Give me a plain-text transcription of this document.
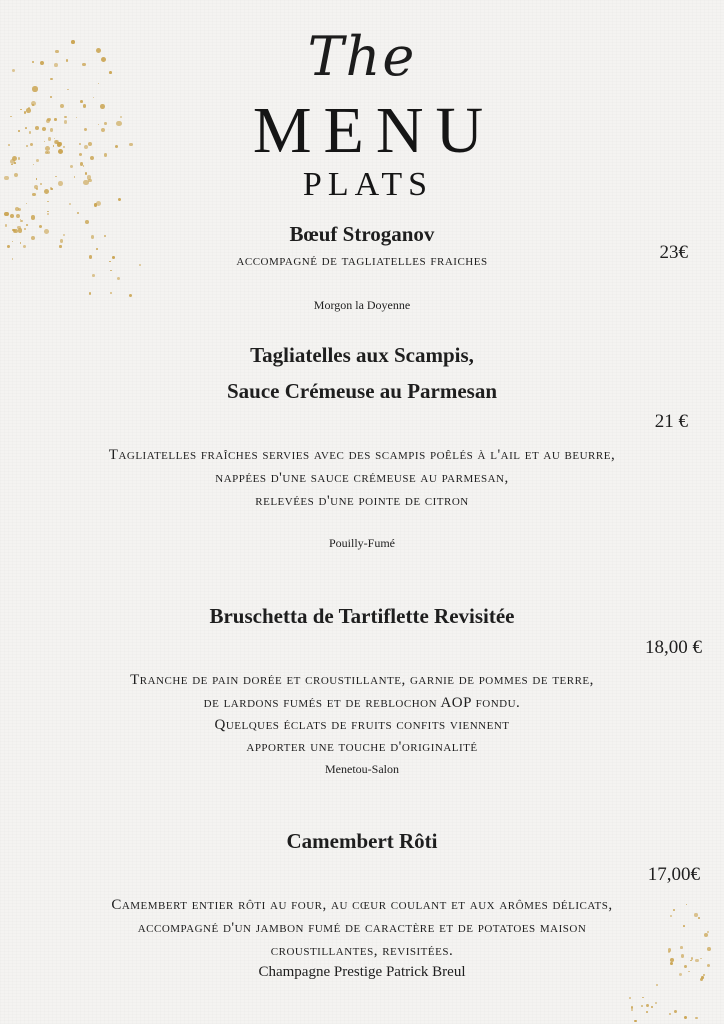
The
MENU
PLATS
Bœuf Stroganov
accompagné de tagliatelles fraiches	23€
Morgon la Doyenne
Tagliatelles aux Scampis,
Sauce Crémeuse au Parmesan
21 €
Tagliatelles fraîches servies avec des scampis poêlés à l'ail et au beurre,
nappées d'une sauce crémeuse au parmesan,
relevées d'une pointe de citron
Pouilly-Fumé
Bruschetta de Tartiflette Revisitée
18,00 €
Tranche de pain dorée et croustillante, garnie de pommes de terre,
de lardons fumés et de reblochon AOP fondu.
Quelques éclats de fruits confits viennent
apporter une touche d'originalité
Menetou-Salon
Camembert Rôti
17,00€
Camembert entier rôti au four, au cœur coulant et aux arômes délicats,
accompagné d'un jambon fumé de caractère et de potatoes maison
croustillantes, revisitées.
Champagne Prestige Patrick Breul
